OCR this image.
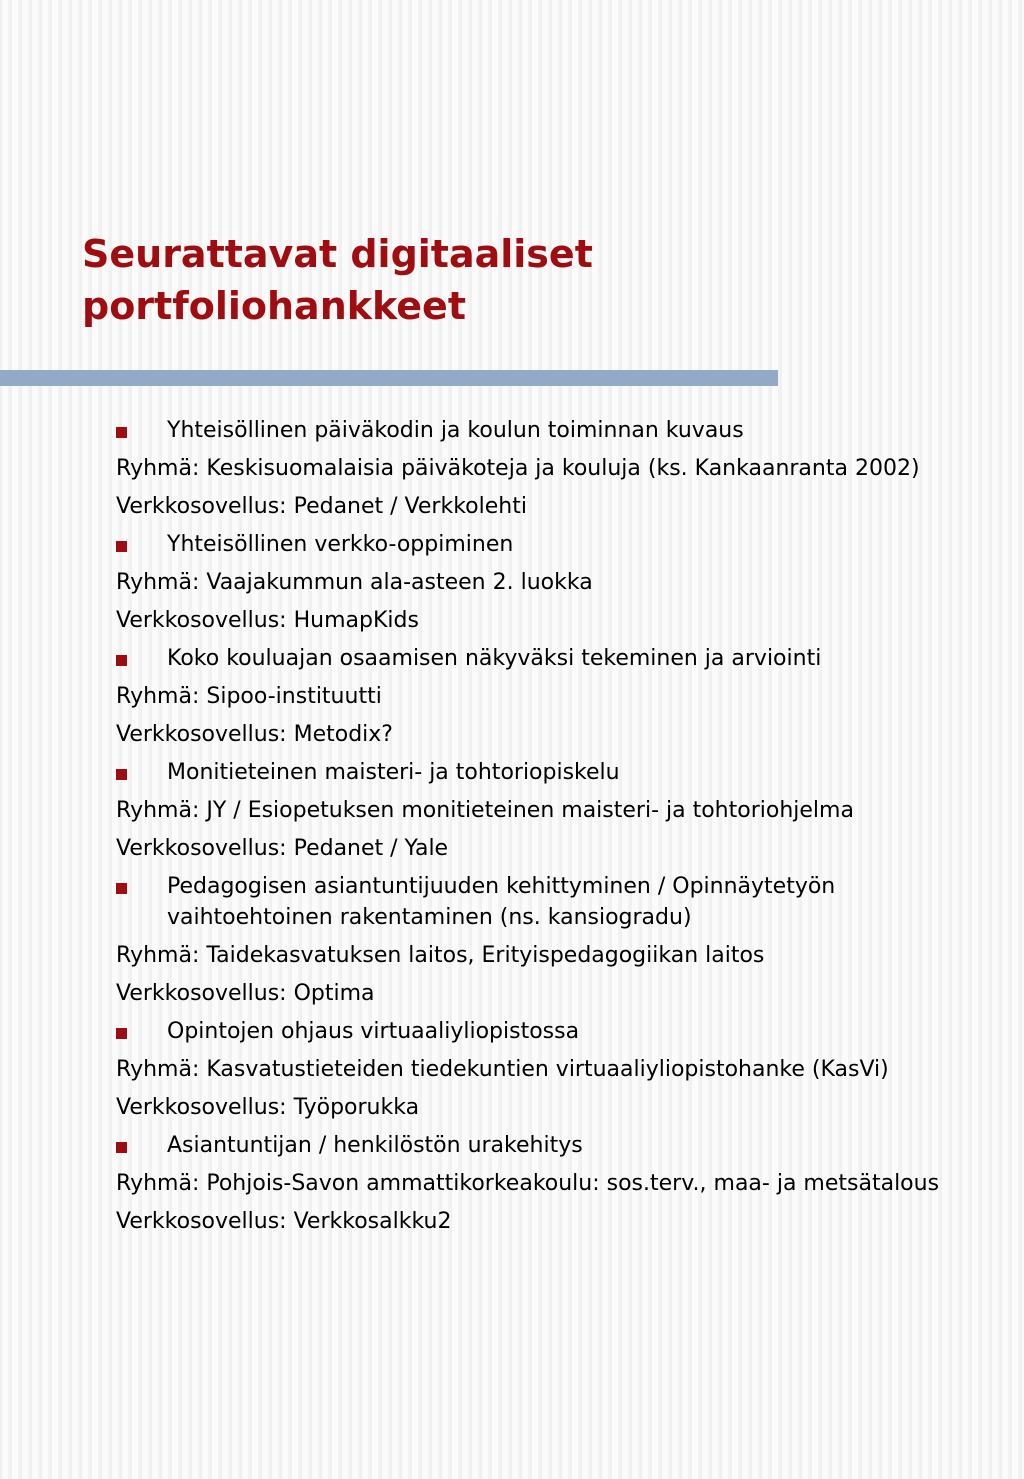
Seurattavat digitaaliset
portfoliohankkeet
Yhteisöllinen päiväkodin ja koulun toiminnan kuvaus
Ryhmä: Keskisuomalaisia päiväkoteja ja kouluja (ks. Kankaanranta 2002)
Verkkosovellus: Pedanet / Verkkolehti
Yhteisöllinen verkko-oppiminen
Ryhmä: Vaajakummun ala-asteen 2. luokka
Verkkosovellus: HumapKids
Koko kouluajan osaamisen näkyväksi tekeminen ja arviointi
Ryhmä: Sipoo-instituutti
Verkkosovellus: Metodix?
Monitieteinen maisteri- ja tohtoriopiskelu
Ryhmä: JY / Esiopetuksen monitieteinen maisteri- ja tohtoriohjelma
Verkkosovellus: Pedanet / Yale
Pedagogisen asiantuntijuuden kehittyminen / Opinnäytetyön vaihtoehtoinen rakentaminen (ns. kansiogradu)
Ryhmä: Taidekasvatuksen laitos, Erityispedagogiikan laitos
Verkkosovellus: Optima
Opintojen ohjaus virtuaaliyliopistossa
Ryhmä: Kasvatustieteiden tiedekuntien virtuaaliyliopistohanke (KasVi)
Verkkosovellus: Työporukka
Asiantuntijan / henkilöstön urakehitys
Ryhmä: Pohjois-Savon ammattikorkeakoulu: sos.terv., maa- ja metsätalous
Verkkosovellus: Verkkosalkku2
